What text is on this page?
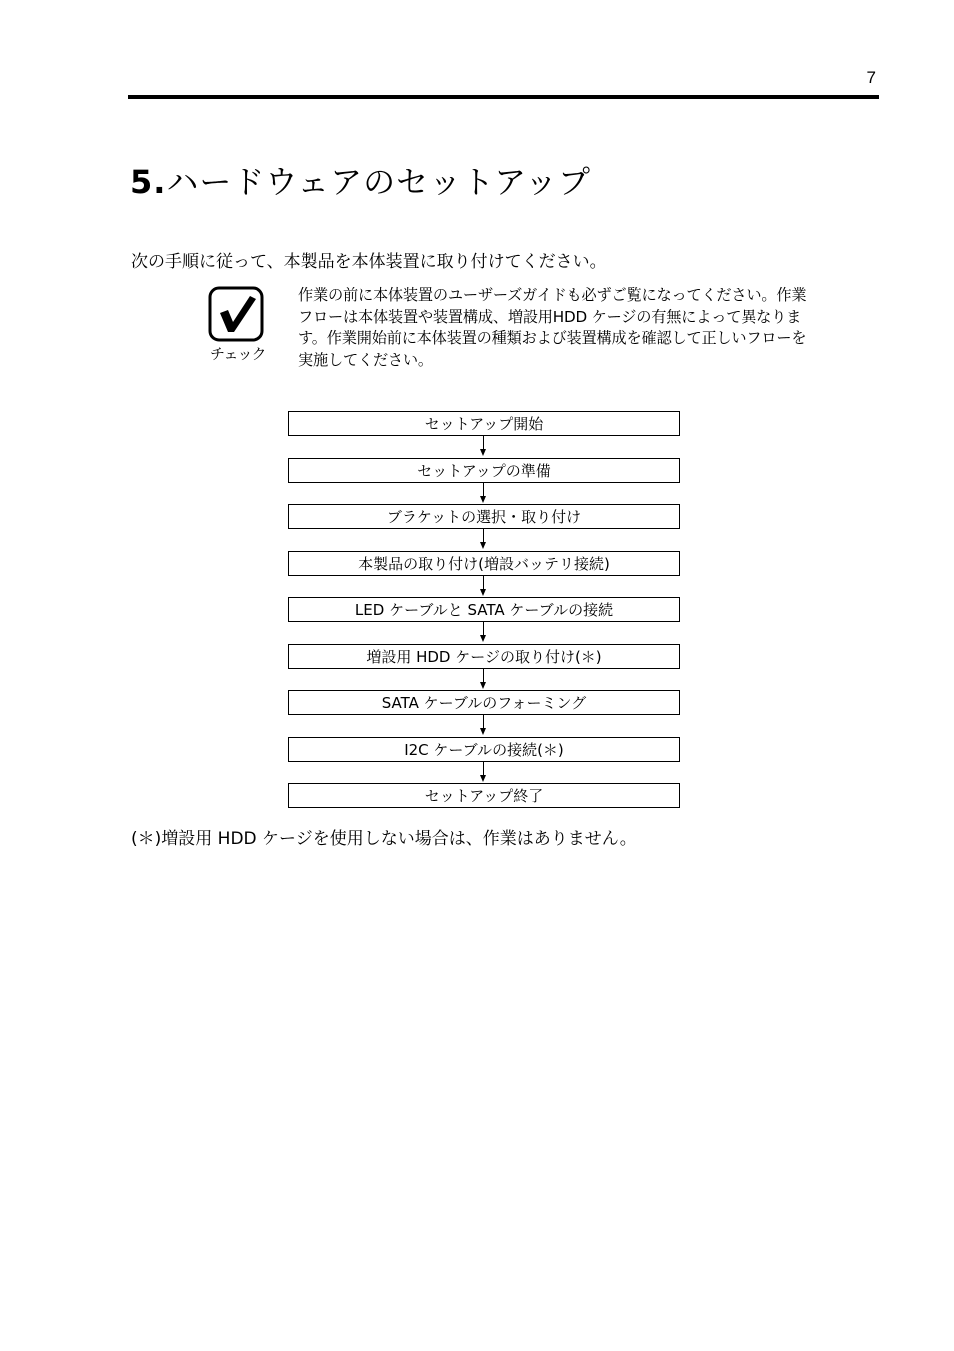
7
5.ハードウェアのセットアップ
次の手順に従って、本製品を本体装置に取り付けてください。
チェック
作業の前に本体装置のユーザーズガイドも必ずご覧になってください。作業
フローは本体装置や装置構成、増設用HDD ケージの有無によって異なりま
す。作業開始前に本体装置の種類および装置構成を確認して正しいフローを
実施してください。
セットアップ開始
セットアップの準備
ブラケットの選択・取り付け
本製品の取り付け(増設バッテリ接続)
LED ケーブルと SATA ケーブルの接続
増設用 HDD ケージの取り付け(＊)
SATA ケーブルのフォーミング
I2C ケーブルの接続(＊)
セットアップ終了
(＊)増設用 HDD ケージを使用しない場合は、作業はありません。
